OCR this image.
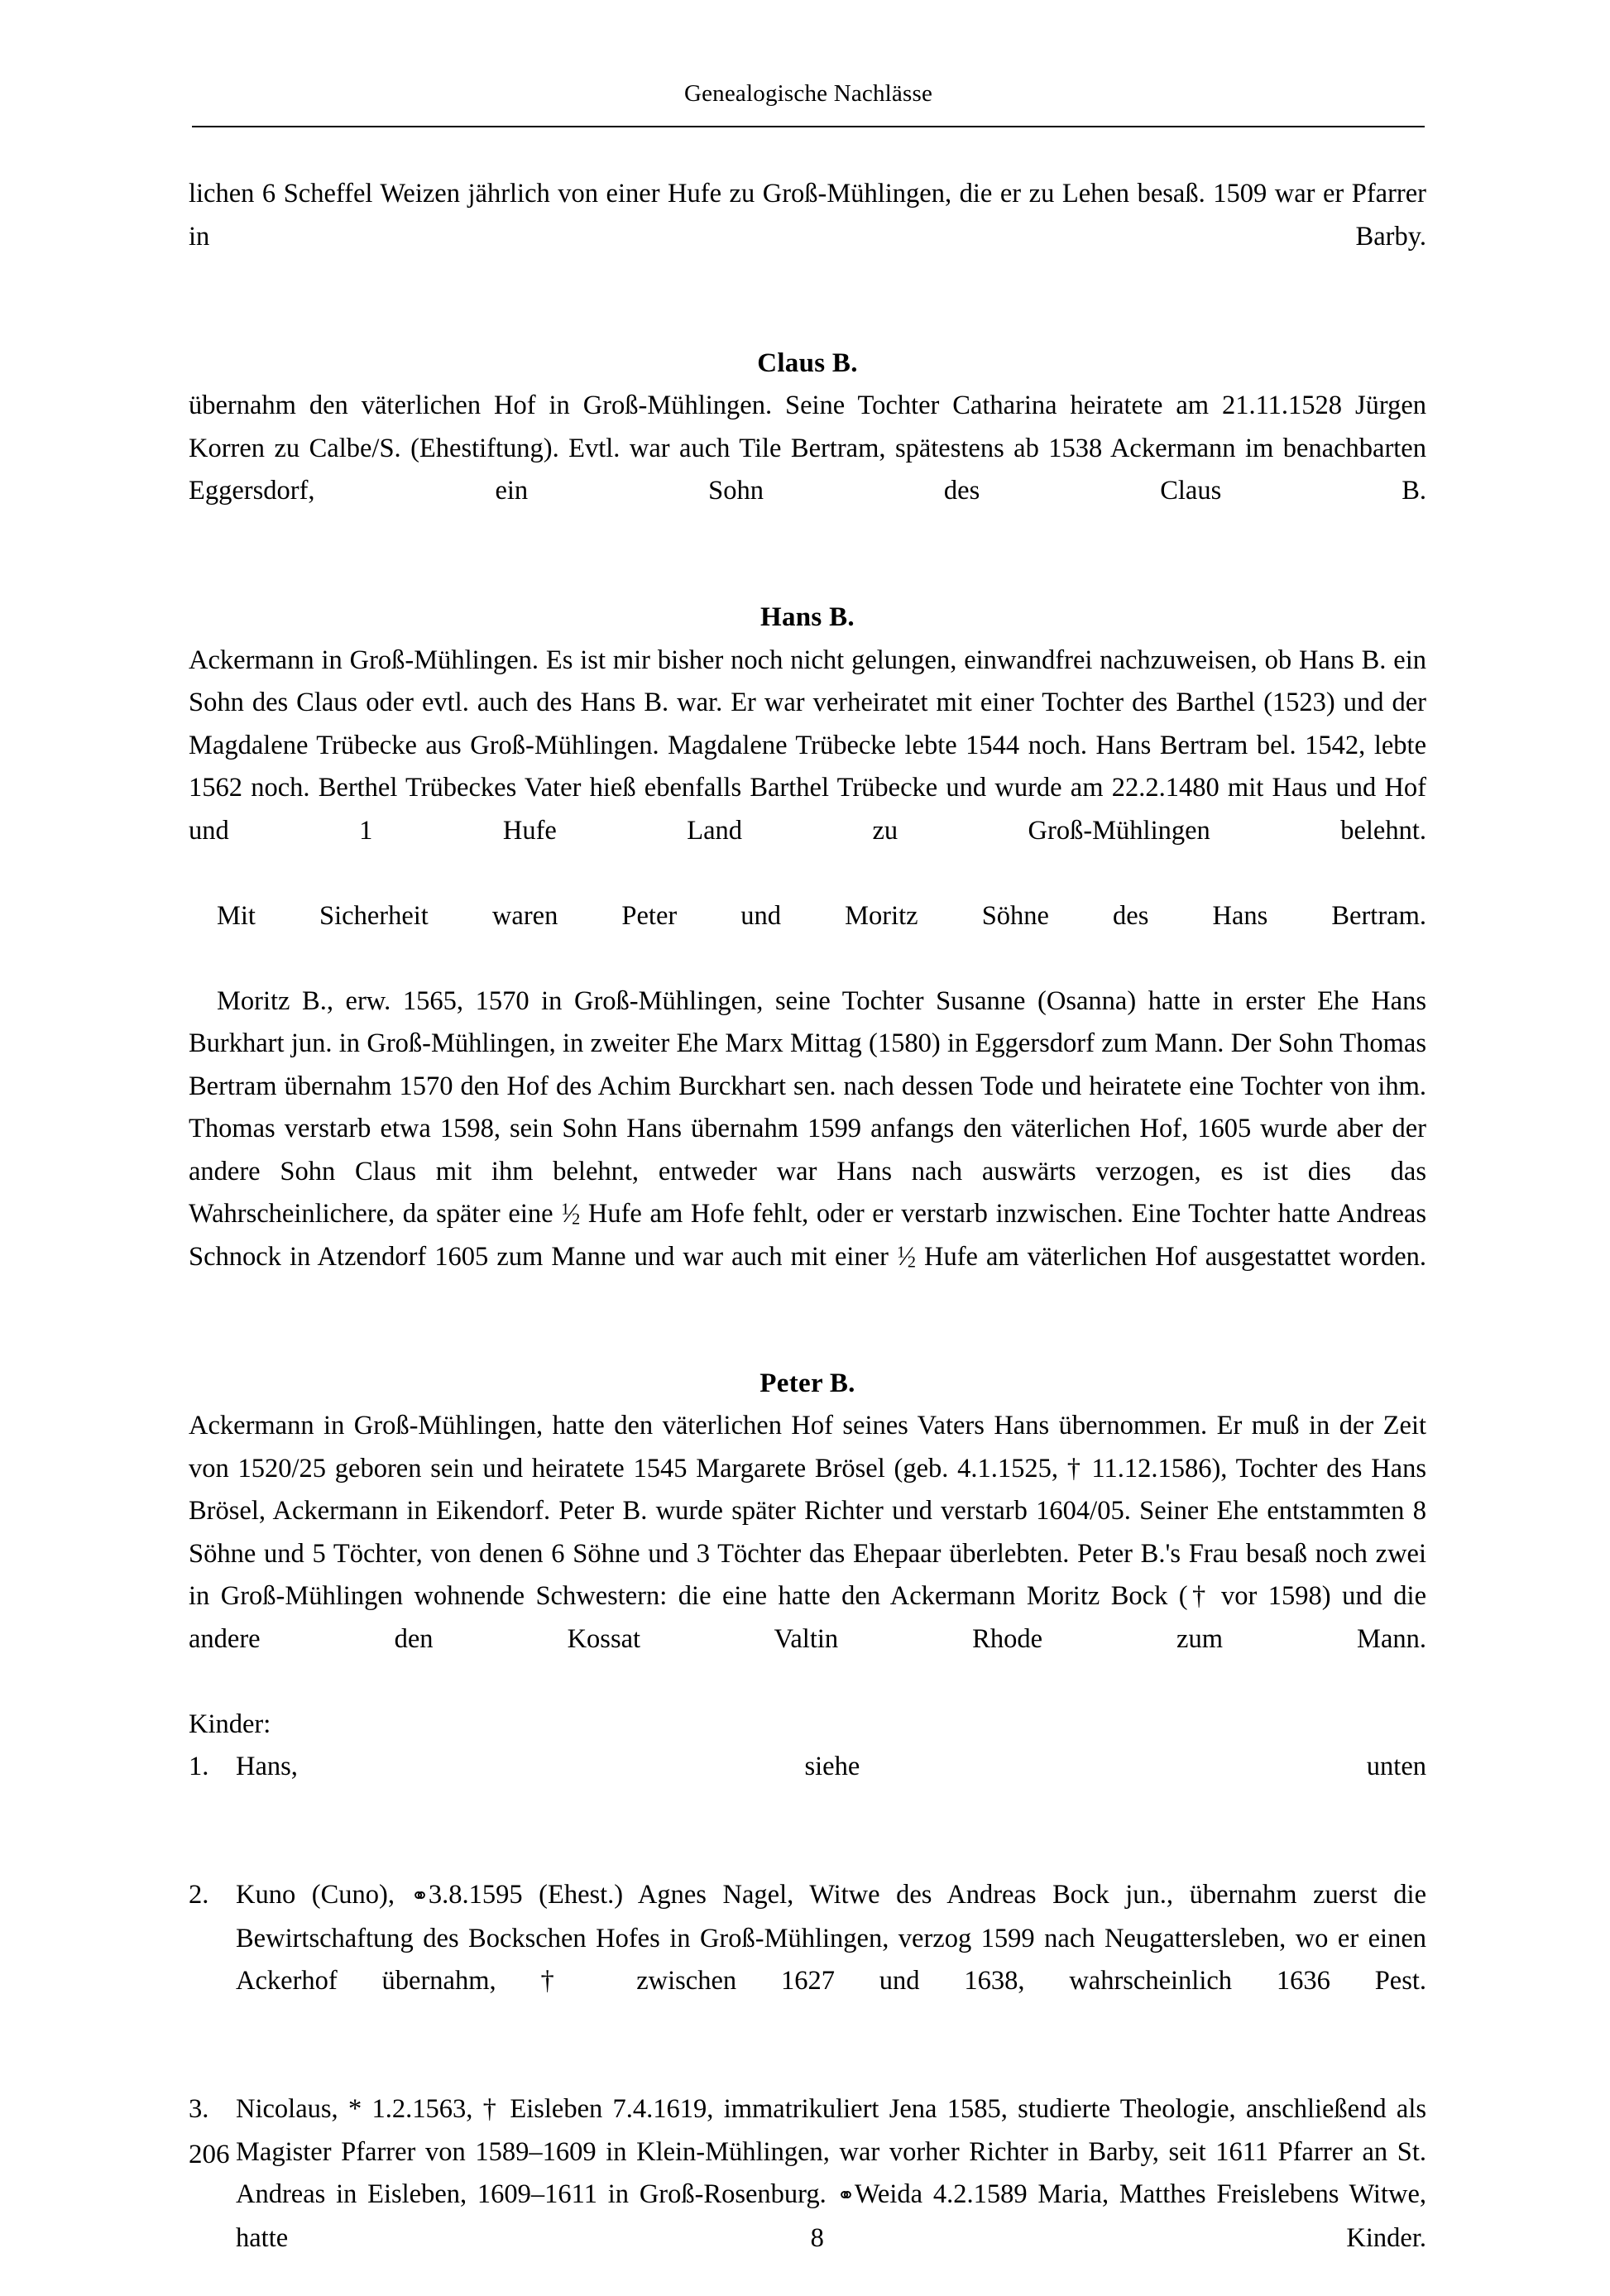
Genealogische Nachlässe

lichen 6 Scheffel Weizen jährlich von einer Hufe zu Groß-Mühlingen, die er zu Lehen besaß. 1509 war er Pfarrer in Barby.

Claus B.

übernahm den väterlichen Hof in Groß-Mühlingen. Seine Tochter Catharina heiratete am 21.11.1528 Jürgen Korren zu Calbe/S. (Ehestiftung). Evtl. war auch Tile Bertram, spätestens ab 1538 Ackermann im benachbarten Eggersdorf, ein Sohn des Claus B.

Hans B.

Ackermann in Groß-Mühlingen. Es ist mir bisher noch nicht gelungen, einwandfrei nachzuweisen, ob Hans B. ein Sohn des Claus oder evtl. auch des Hans B. war. Er war verheiratet mit einer Tochter des Barthel (1523) und der Magdalene Trübecke aus Groß-Mühlingen. Magdalene Trübecke lebte 1544 noch. Hans Bertram bel. 1542, lebte 1562 noch. Berthel Trübeckes Vater hieß ebenfalls Barthel Trübecke und wurde am 22.2.1480 mit Haus und Hof und 1 Hufe Land zu Groß-Mühlingen belehnt.

Mit Sicherheit waren Peter und Moritz Söhne des Hans Bertram.

Moritz B., erw. 1565, 1570 in Groß-Mühlingen, seine Tochter Susanne (Osanna) hatte in erster Ehe Hans Burkhart jun. in Groß-Mühlingen, in zweiter Ehe Marx Mittag (1580) in Eggersdorf zum Mann. Der Sohn Thomas Bertram übernahm 1570 den Hof des Achim Burckhart sen. nach dessen Tode und heiratete eine Tochter von ihm. Thomas verstarb etwa 1598, sein Sohn Hans übernahm 1599 anfangs den väterlichen Hof, 1605 wurde aber der andere Sohn Claus mit ihm belehnt, entweder war Hans nach auswärts verzogen, es ist dies  das Wahrscheinlichere, da später eine $^1⁄_2$ Hufe am Hofe fehlt, oder er verstarb inzwischen. Eine Tochter hatte Andreas Schnock in Atzendorf 1605 zum Manne und war auch mit einer $^1⁄_2$ Hufe am väterlichen Hof ausgestattet worden.

Peter B.

Ackermann in Groß-Mühlingen, hatte den väterlichen Hof seines Vaters Hans übernommen. Er muß in der Zeit von 1520/25 geboren sein und heiratete 1545 Margarete Brösel (geb. 4.1.1525, † 11.12.1586), Tochter des Hans Brösel, Ackermann in Eikendorf. Peter B. wurde später Richter und verstarb 1604/05. Seiner Ehe entstammten 8 Söhne und 5 Töchter, von denen 6 Söhne und 3 Töchter das Ehepaar überlebten. Peter B.'s Frau besaß noch zwei in Groß-Mühlingen wohnende Schwestern: die eine hatte den Ackermann Moritz Bock († vor 1598) und die andere den Kossat Valtin Rhode zum Mann.

Kinder:

1.	Hans, siehe unten
2.	Kuno (Cuno), ⚭3.8.1595 (Ehest.) Agnes Nagel, Witwe des Andreas Bock jun., übernahm zuerst die Bewirtschaftung des Bockschen Hofes in Groß-Mühlingen, verzog 1599 nach Neugattersleben, wo er einen Ackerhof übernahm, † zwischen 1627 und 1638, wahrscheinlich 1636 Pest.
3.	Nicolaus, * 1.2.1563, † Eisleben 7.4.1619, immatrikuliert Jena 1585, studierte Theologie, anschließend als Magister Pfarrer von 1589–1609 in Klein-Mühlingen, war vorher Richter in Barby, seit 1611 Pfarrer an St. Andreas in Eisleben, 1609–1611 in Groß-Rosenburg. ⚭Weida 4.2.1589 Maria, Matthes Freislebens Witwe, hatte 8 Kinder.
206
